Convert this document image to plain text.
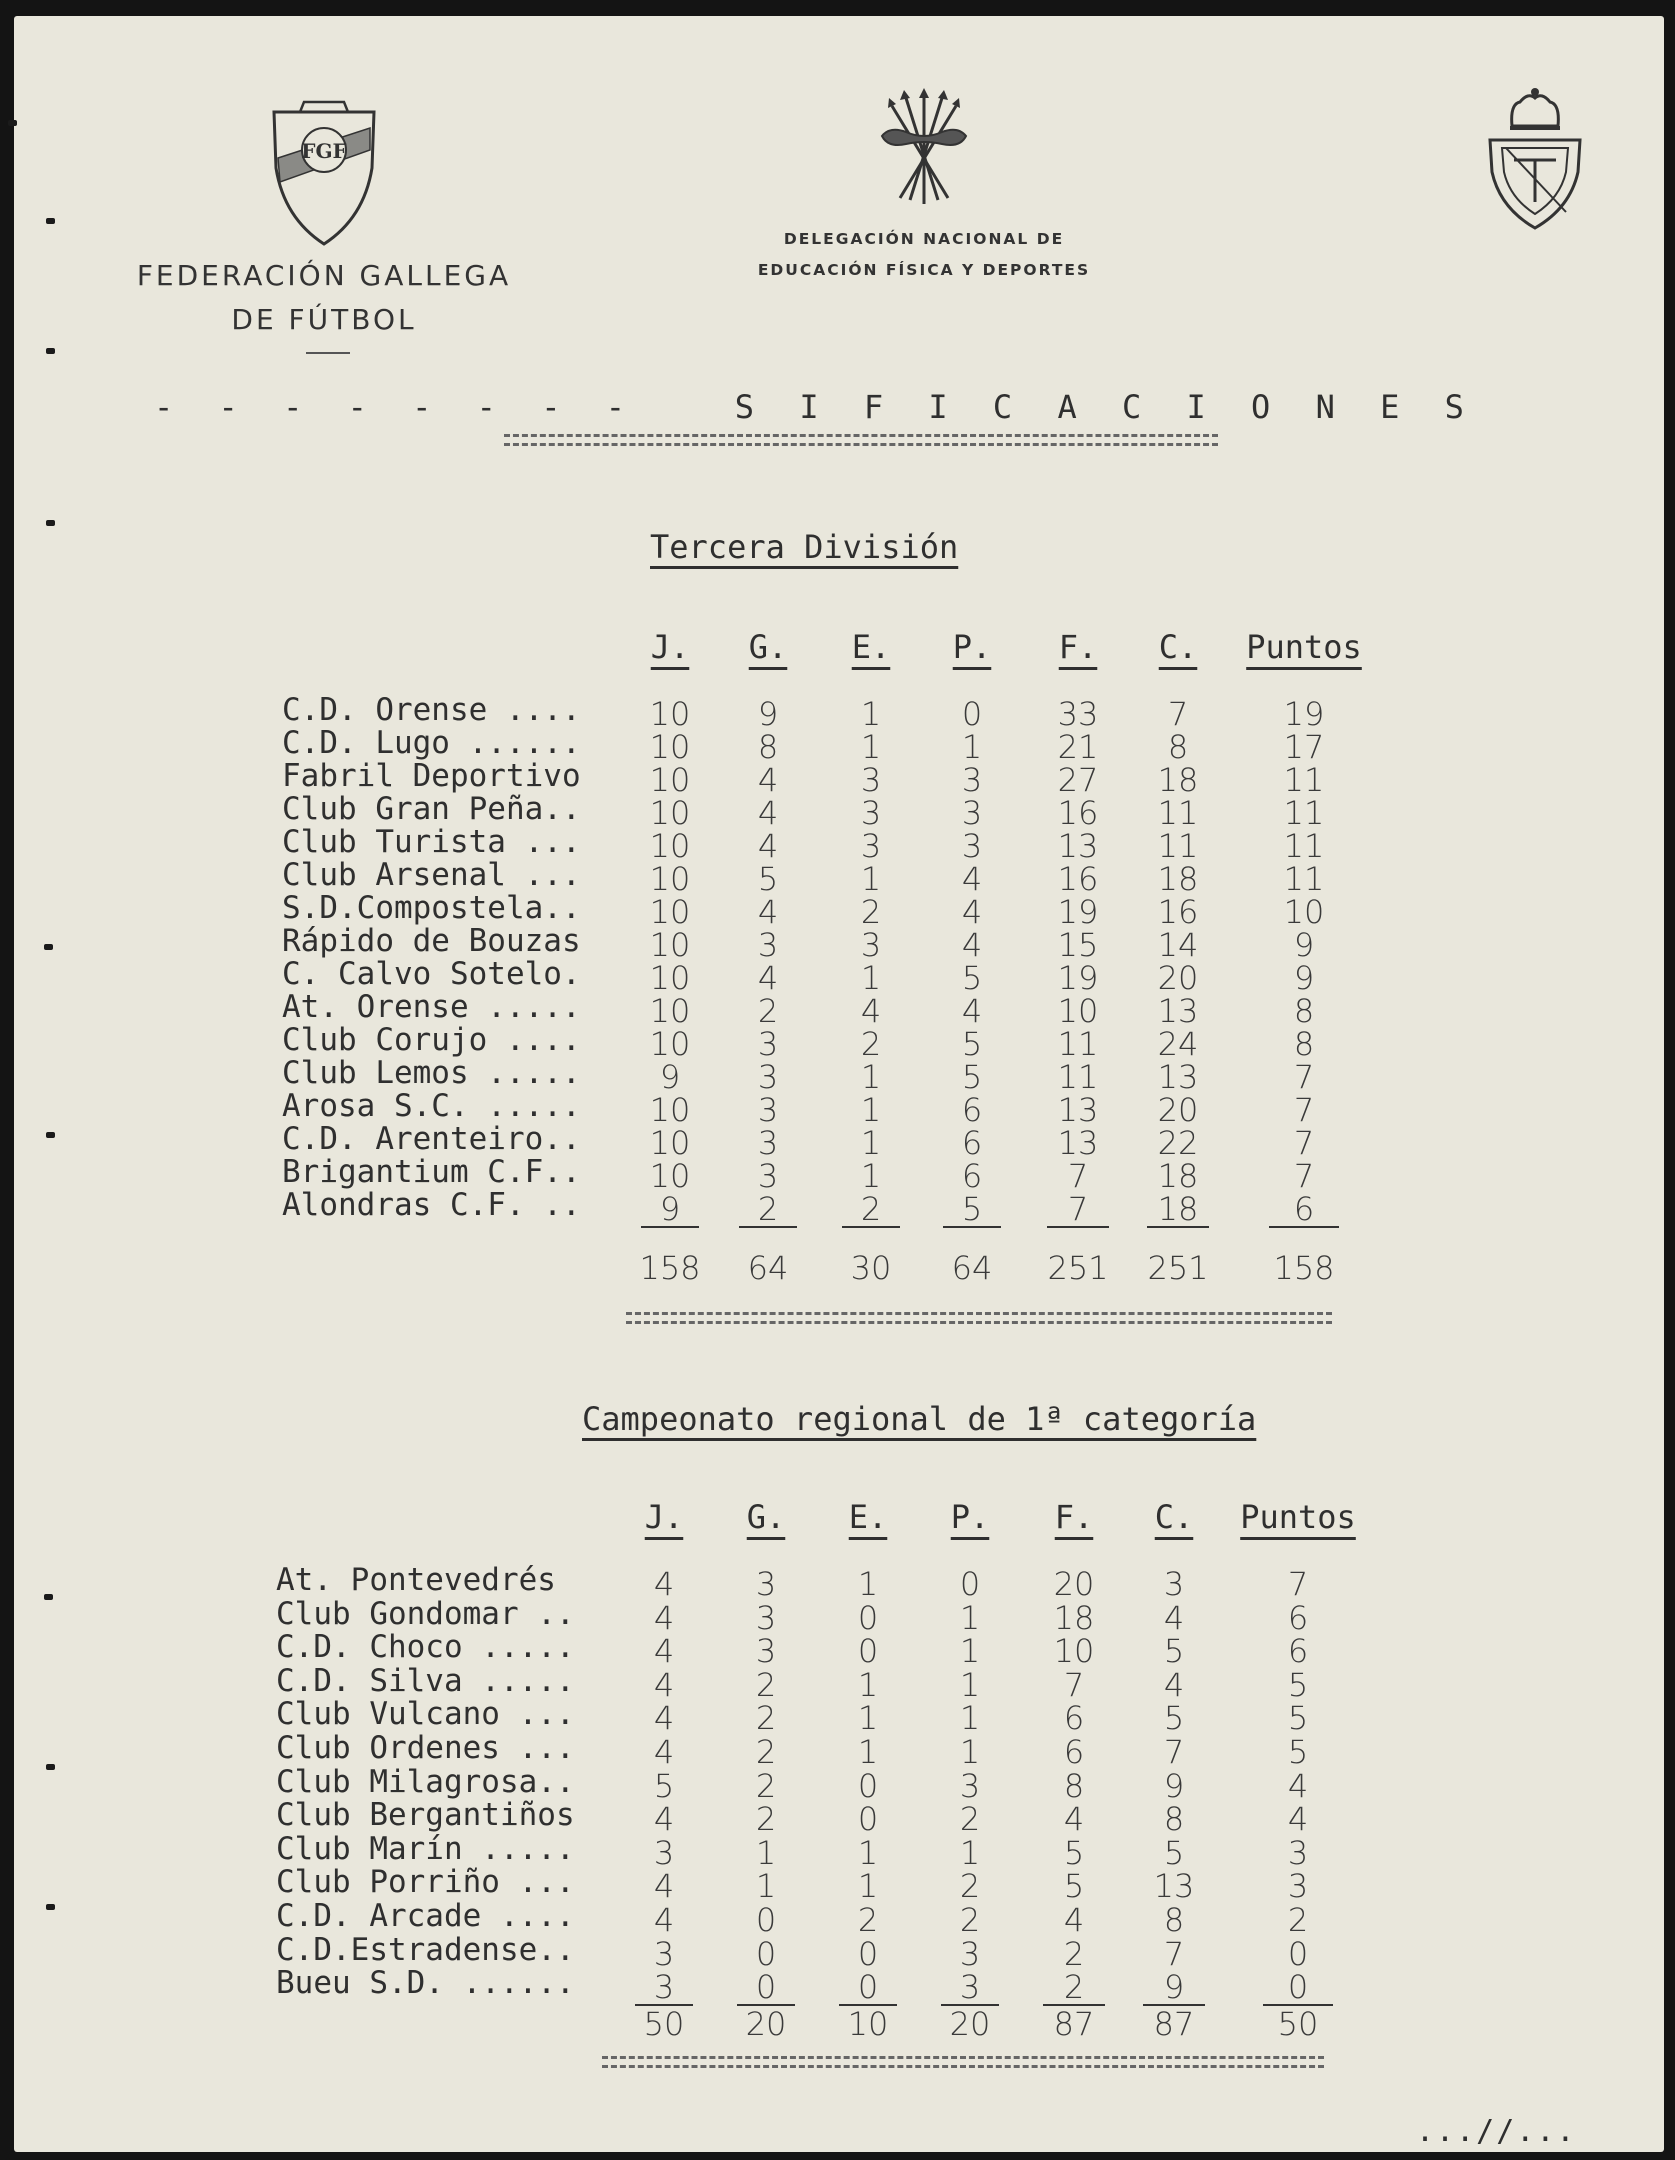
FGF
FEDERACIÓN GALLEGA
DE FÚTBOL
DELEGACIÓN NACIONAL DE
EDUCACIÓN FÍSICA Y DEPORTES
- - - - - - - -   S I F I C A C I O N E S
Tercera División
J.	G.	E.	P.	F.	C.	Puntos
C.D. Orense .... 10	9	1	0	33	7	19
C.D. Lugo ...... 10	8	1	1	21	8	17
Fabril Deportivo 10	4	3	3	27	18	11
Club Gran Peña.. 10	4	3	3	16	11	11
Club Turista ... 10	4	3	3	13	11	11
Club Arsenal ... 10	5	1	4	16	18	11
S.D.Compostela.. 10	4	2	4	19	16	10
Rápido de Bouzas 10	3	3	4	15	14	9
C. Calvo Sotelo. 10	4	1	5	19	20	9
At. Orense ..... 10	2	4	4	10	13	8
Club Corujo .... 10	3	2	5	11	24	8
Club Lemos .....	9	3	1	5	11	13	7
Arosa S.C. ..... 10	3	1	6	13	20	7
C.D. Arenteiro.. 10	3	1	6	13	22	7
Brigantium C.F.. 10	3	1	6	7	18	7
Alondras C.F. ..	9	2	2	5	7	18	6
158	64	30	64	251	251	158
Campeonato regional de 1ª categoría
J.	G.	E.	P.	F.	C.	Puntos
At. Pontevedrés	4	3	1	0	20	3	7
Club Gondomar ..	4	3	0	1	18	4	6
C.D. Choco .....	4	3	0	1	10	5	6
C.D. Silva .....	4	2	1	1	7	4	5
Club Vulcano ...	4	2	1	1	6	5	5
Club Ordenes ...	4	2	1	1	6	7	5
Club Milagrosa..	5	2	0	3	8	9	4
Club Bergantiños	4	2	0	2	4	8	4
Club Marín .....	3	1	1	1	5	5	3
Club Porriño ...	4	1	1	2	5	13	3
C.D. Arcade ....	4	0	2	2	4	8	2
C.D.Estradense..	3	0	0	3	2	7	0
Bueu S.D. ......	3	0	0	3	2	9	0
50	20	10	20	87	87	50
...//...
